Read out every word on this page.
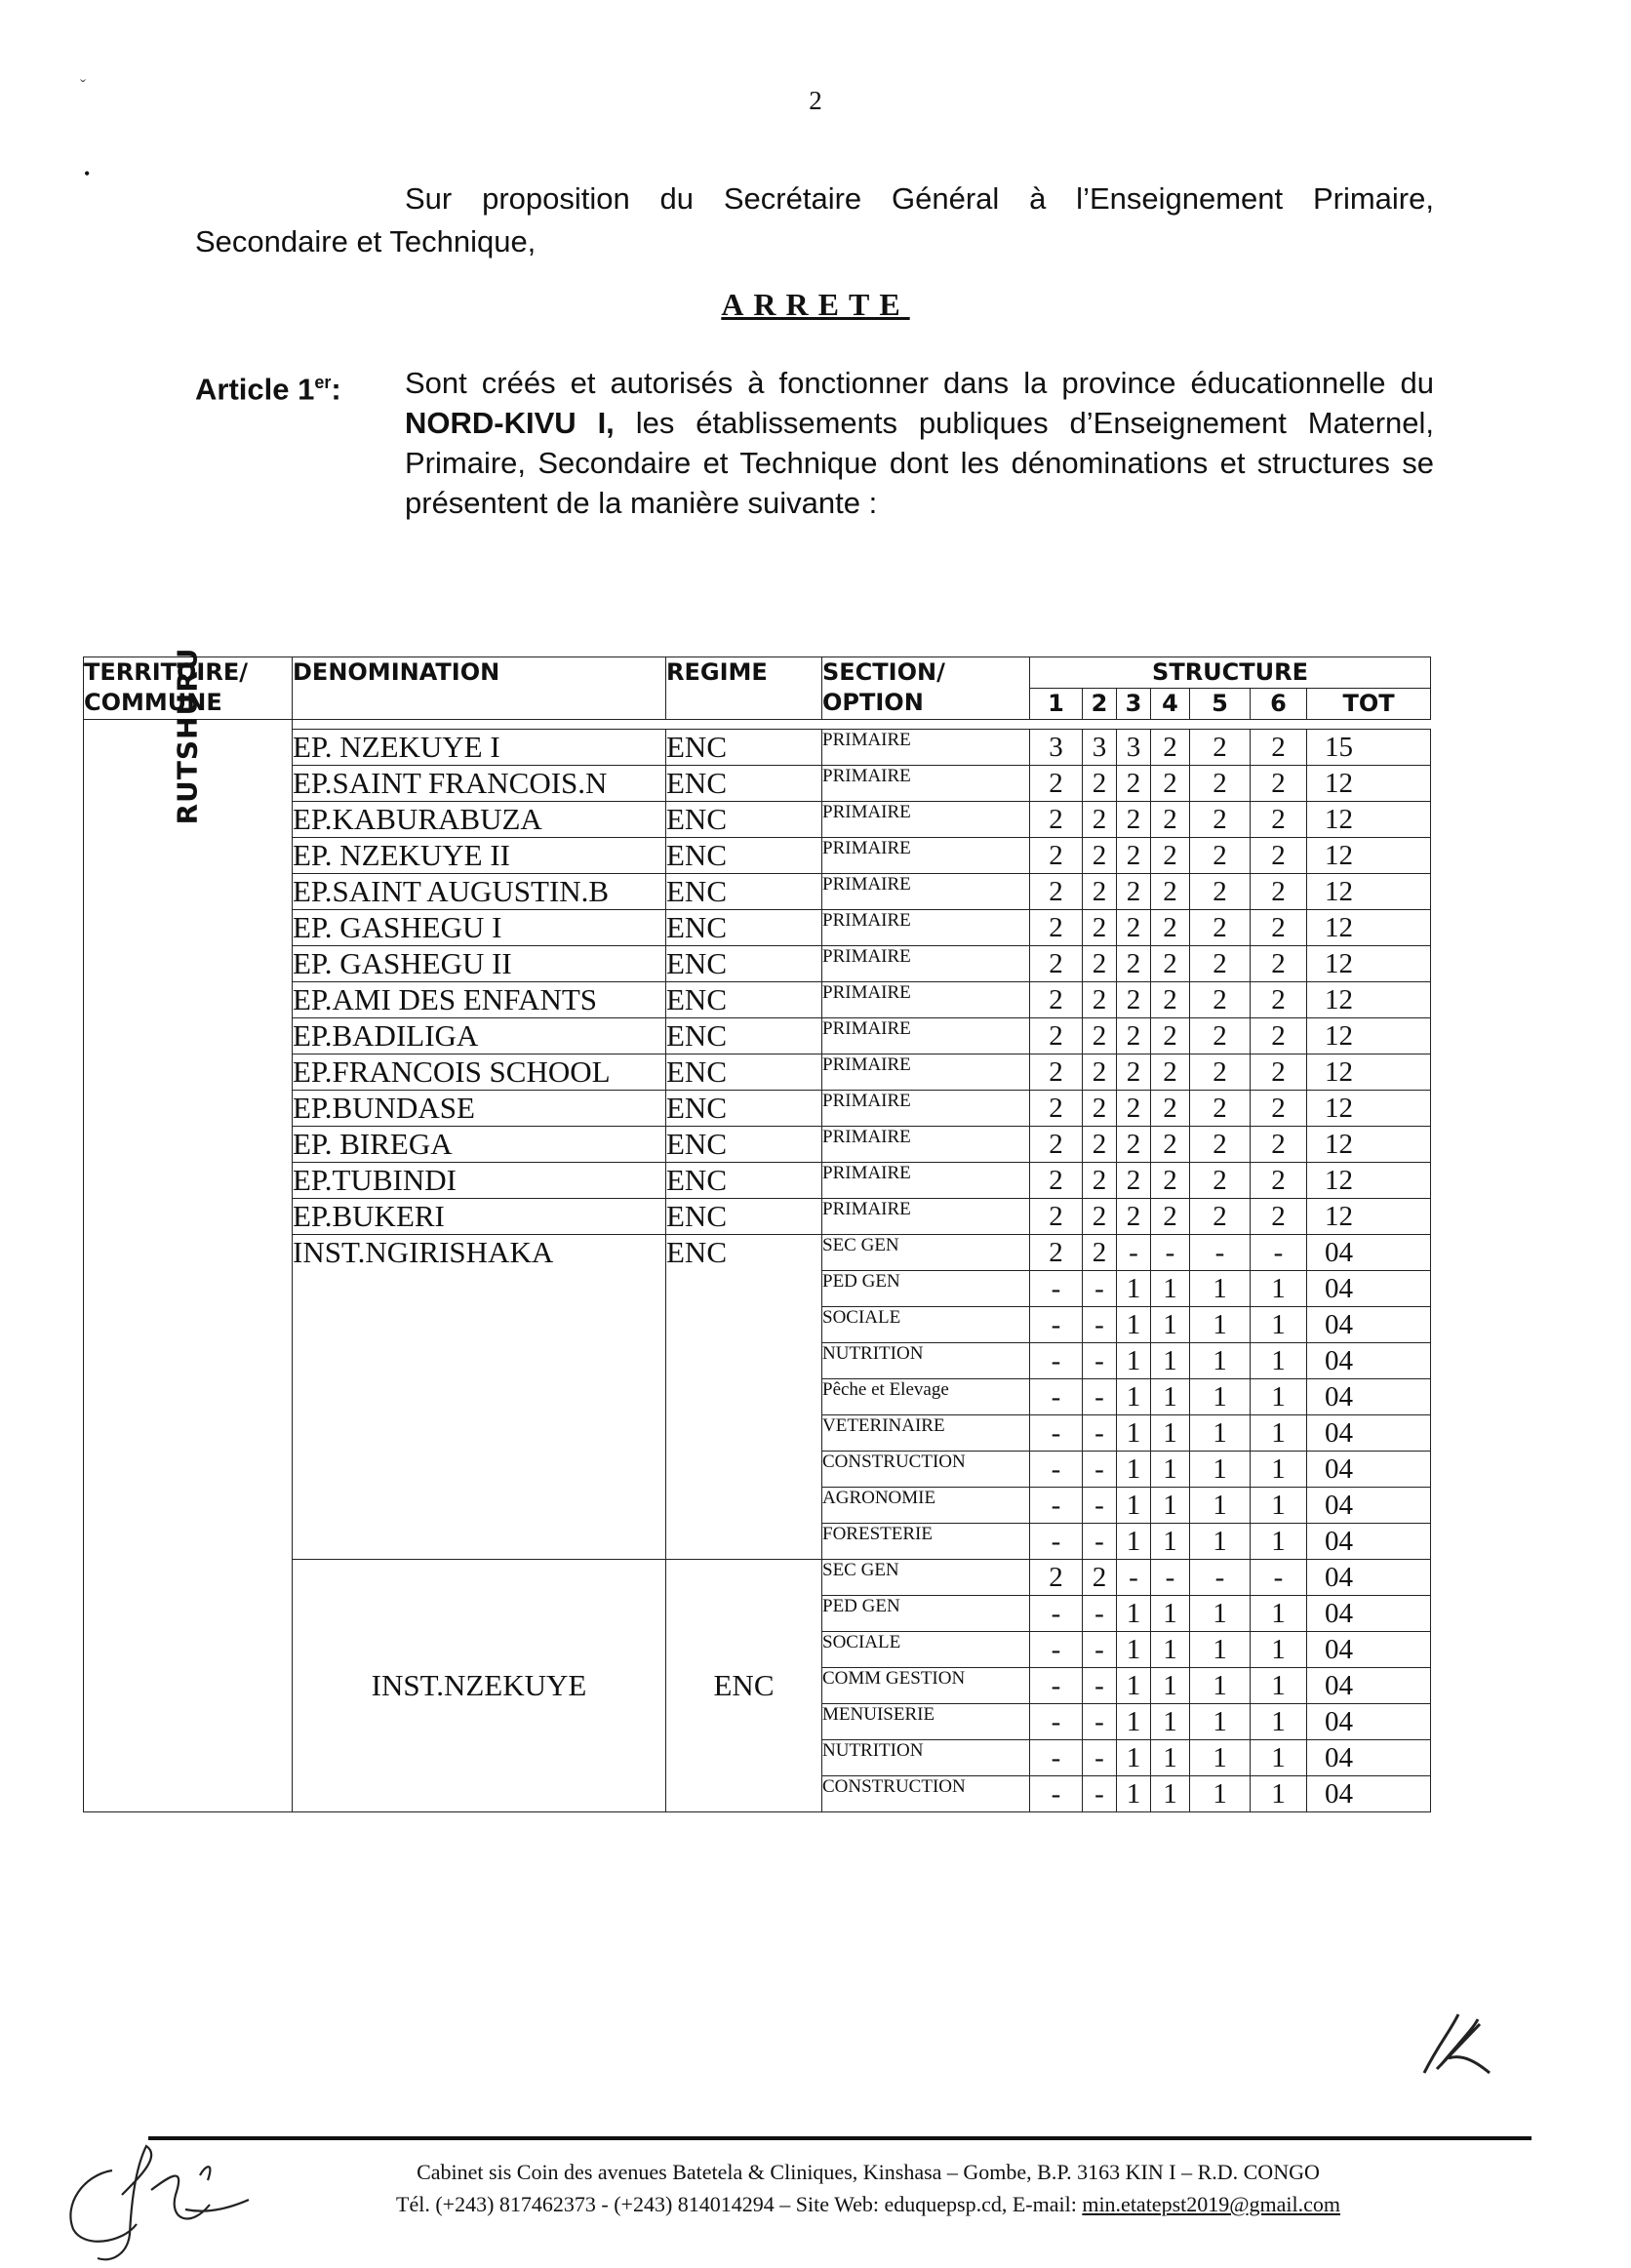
2
ˇ
•
Sur proposition du Secrétaire Général à l’Enseignement Primaire, Secondaire et Technique,
ARRETE
Article 1er: Sont créés et autorisés à fonctionner dans la province éducationnelle du NORD-KIVU I, les établissements publiques d’Enseignement Maternel, Primaire, Secondaire et Technique dont les dénominations et structures se présentent de la manière suivante :
TERRITOIRE/ COMMUNE	DENOMINATION	REGIME	SECTION/ OPTION	STRUCTURE						
				1	2	3	4	5	6	TOT
RUTSHURU										
	EP. NZEKUYE I	ENC	PRIMAIRE	3	3	3	2	2	2	15
	EP.SAINT FRANCOIS.N	ENC	PRIMAIRE	2	2	2	2	2	2	12
	EP.KABURABUZA	ENC	PRIMAIRE	2	2	2	2	2	2	12
	EP. NZEKUYE II	ENC	PRIMAIRE	2	2	2	2	2	2	12
	EP.SAINT AUGUSTIN.B	ENC	PRIMAIRE	2	2	2	2	2	2	12
	EP. GASHEGU I	ENC	PRIMAIRE	2	2	2	2	2	2	12
	EP. GASHEGU II	ENC	PRIMAIRE	2	2	2	2	2	2	12
	EP.AMI DES ENFANTS	ENC	PRIMAIRE	2	2	2	2	2	2	12
	EP.BADILIGA	ENC	PRIMAIRE	2	2	2	2	2	2	12
	EP.FRANCOIS SCHOOL	ENC	PRIMAIRE	2	2	2	2	2	2	12
	EP.BUNDASE	ENC	PRIMAIRE	2	2	2	2	2	2	12
	EP. BIREGA	ENC	PRIMAIRE	2	2	2	2	2	2	12
	EP.TUBINDI	ENC	PRIMAIRE	2	2	2	2	2	2	12
	EP.BUKERI	ENC	PRIMAIRE	2	2	2	2	2	2	12
	INST.NGIRISHAKA	ENC	SEC GEN	2	2	-	-	-	-	04
			PED GEN	-	-	1	1	1	1	04
			SOCIALE	-	-	1	1	1	1	04
			NUTRITION	-	-	1	1	1	1	04
			Pêche et Elevage	-	-	1	1	1	1	04
			VETERINAIRE	-	-	1	1	1	1	04
			CONSTRUCTION	-	-	1	1	1	1	04
			AGRONOMIE	-	-	1	1	1	1	04
			FORESTERIE	-	-	1	1	1	1	04
	INST.NZEKUYE	ENC	SEC GEN	2	2	-	-	-	-	04
			PED GEN	-	-	1	1	1	1	04
			SOCIALE	-	-	1	1	1	1	04
			COMM GESTION	-	-	1	1	1	1	04
			MENUISERIE	-	-	1	1	1	1	04
			NUTRITION	-	-	1	1	1	1	04
			CONSTRUCTION	-	-	1	1	1	1	04
Cabinet sis Coin des avenues Batetela & Cliniques, Kinshasa – Gombe, B.P. 3163 KIN I – R.D. CONGO
Tél. (+243) 817462373 - (+243) 814014294 – Site Web: eduquepsp.cd, E-mail: min.etatepst2019@gmail.com
